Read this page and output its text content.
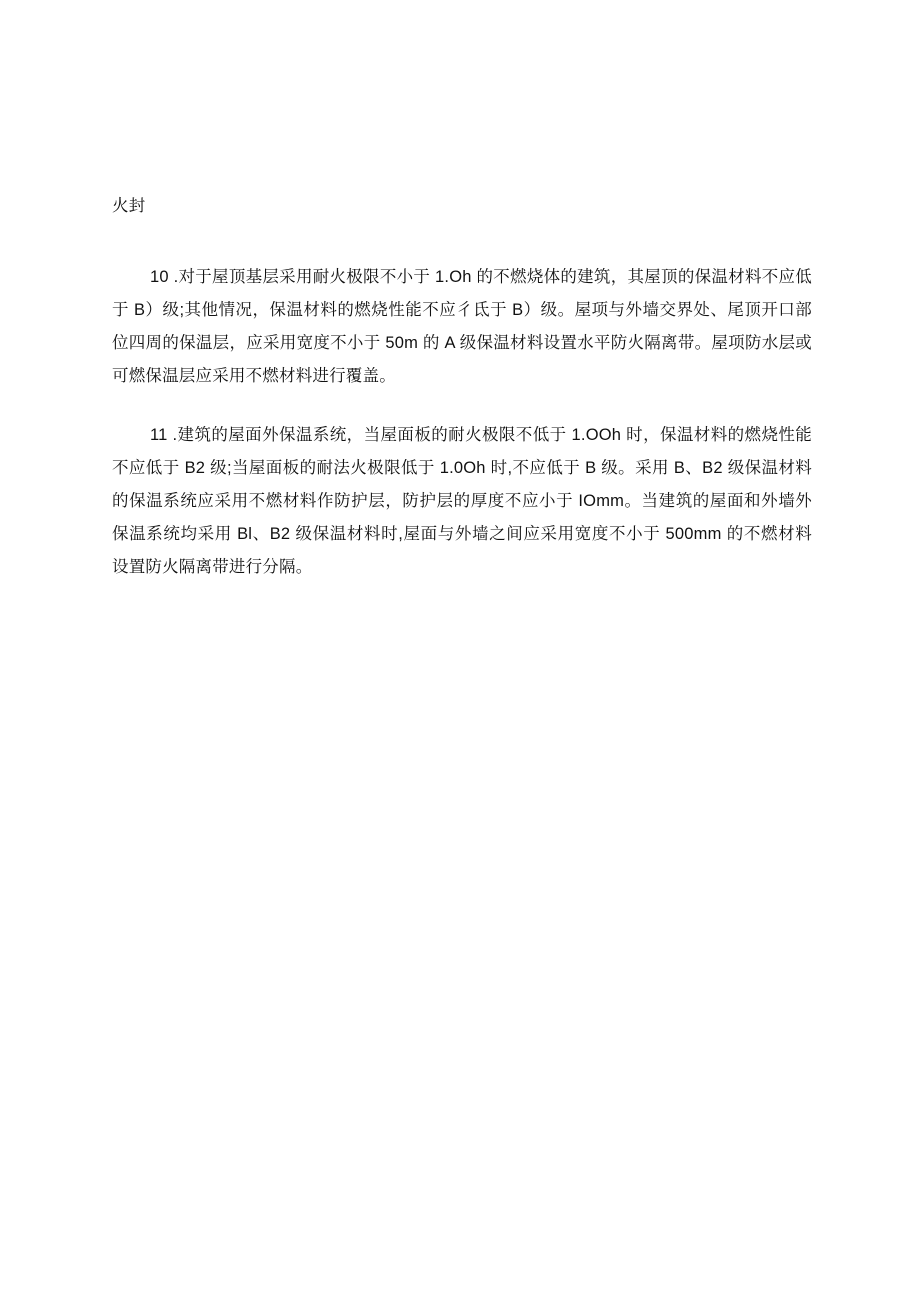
火封

10 .对于屋顶基层采用耐火极限不小于 1.Oh 的不燃烧体的建筑，其屋顶的保温材料不应低于 B）级;其他情况，保温材料的燃烧性能不应彳氐于 B）级。屋项与外墙交界处、尾顶开口部位四周的保温层，应采用宽度不小于 50m 的 A 级保温材料设置水平防火隔离带。屋项防水层或可燃保温层应采用不燃材料进行覆盖。

11 .建筑的屋面外保温系统，当屋面板的耐火极限不低于 1.OOh 时，保温材料的燃烧性能不应低于 B2 级;当屋面板的耐法火极限低于 1.0Oh 时,不应低于 B 级。采用 B、B2 级保温材料的保温系统应采用不燃材料作防护层，防护层的厚度不应小于 IOmm。当建筑的屋面和外墙外保温系统均采用 Bl、B2 级保温材料时,屋面与外墙之间应采用宽度不小于 500mm 的不燃材料设置防火隔离带进行分隔。
